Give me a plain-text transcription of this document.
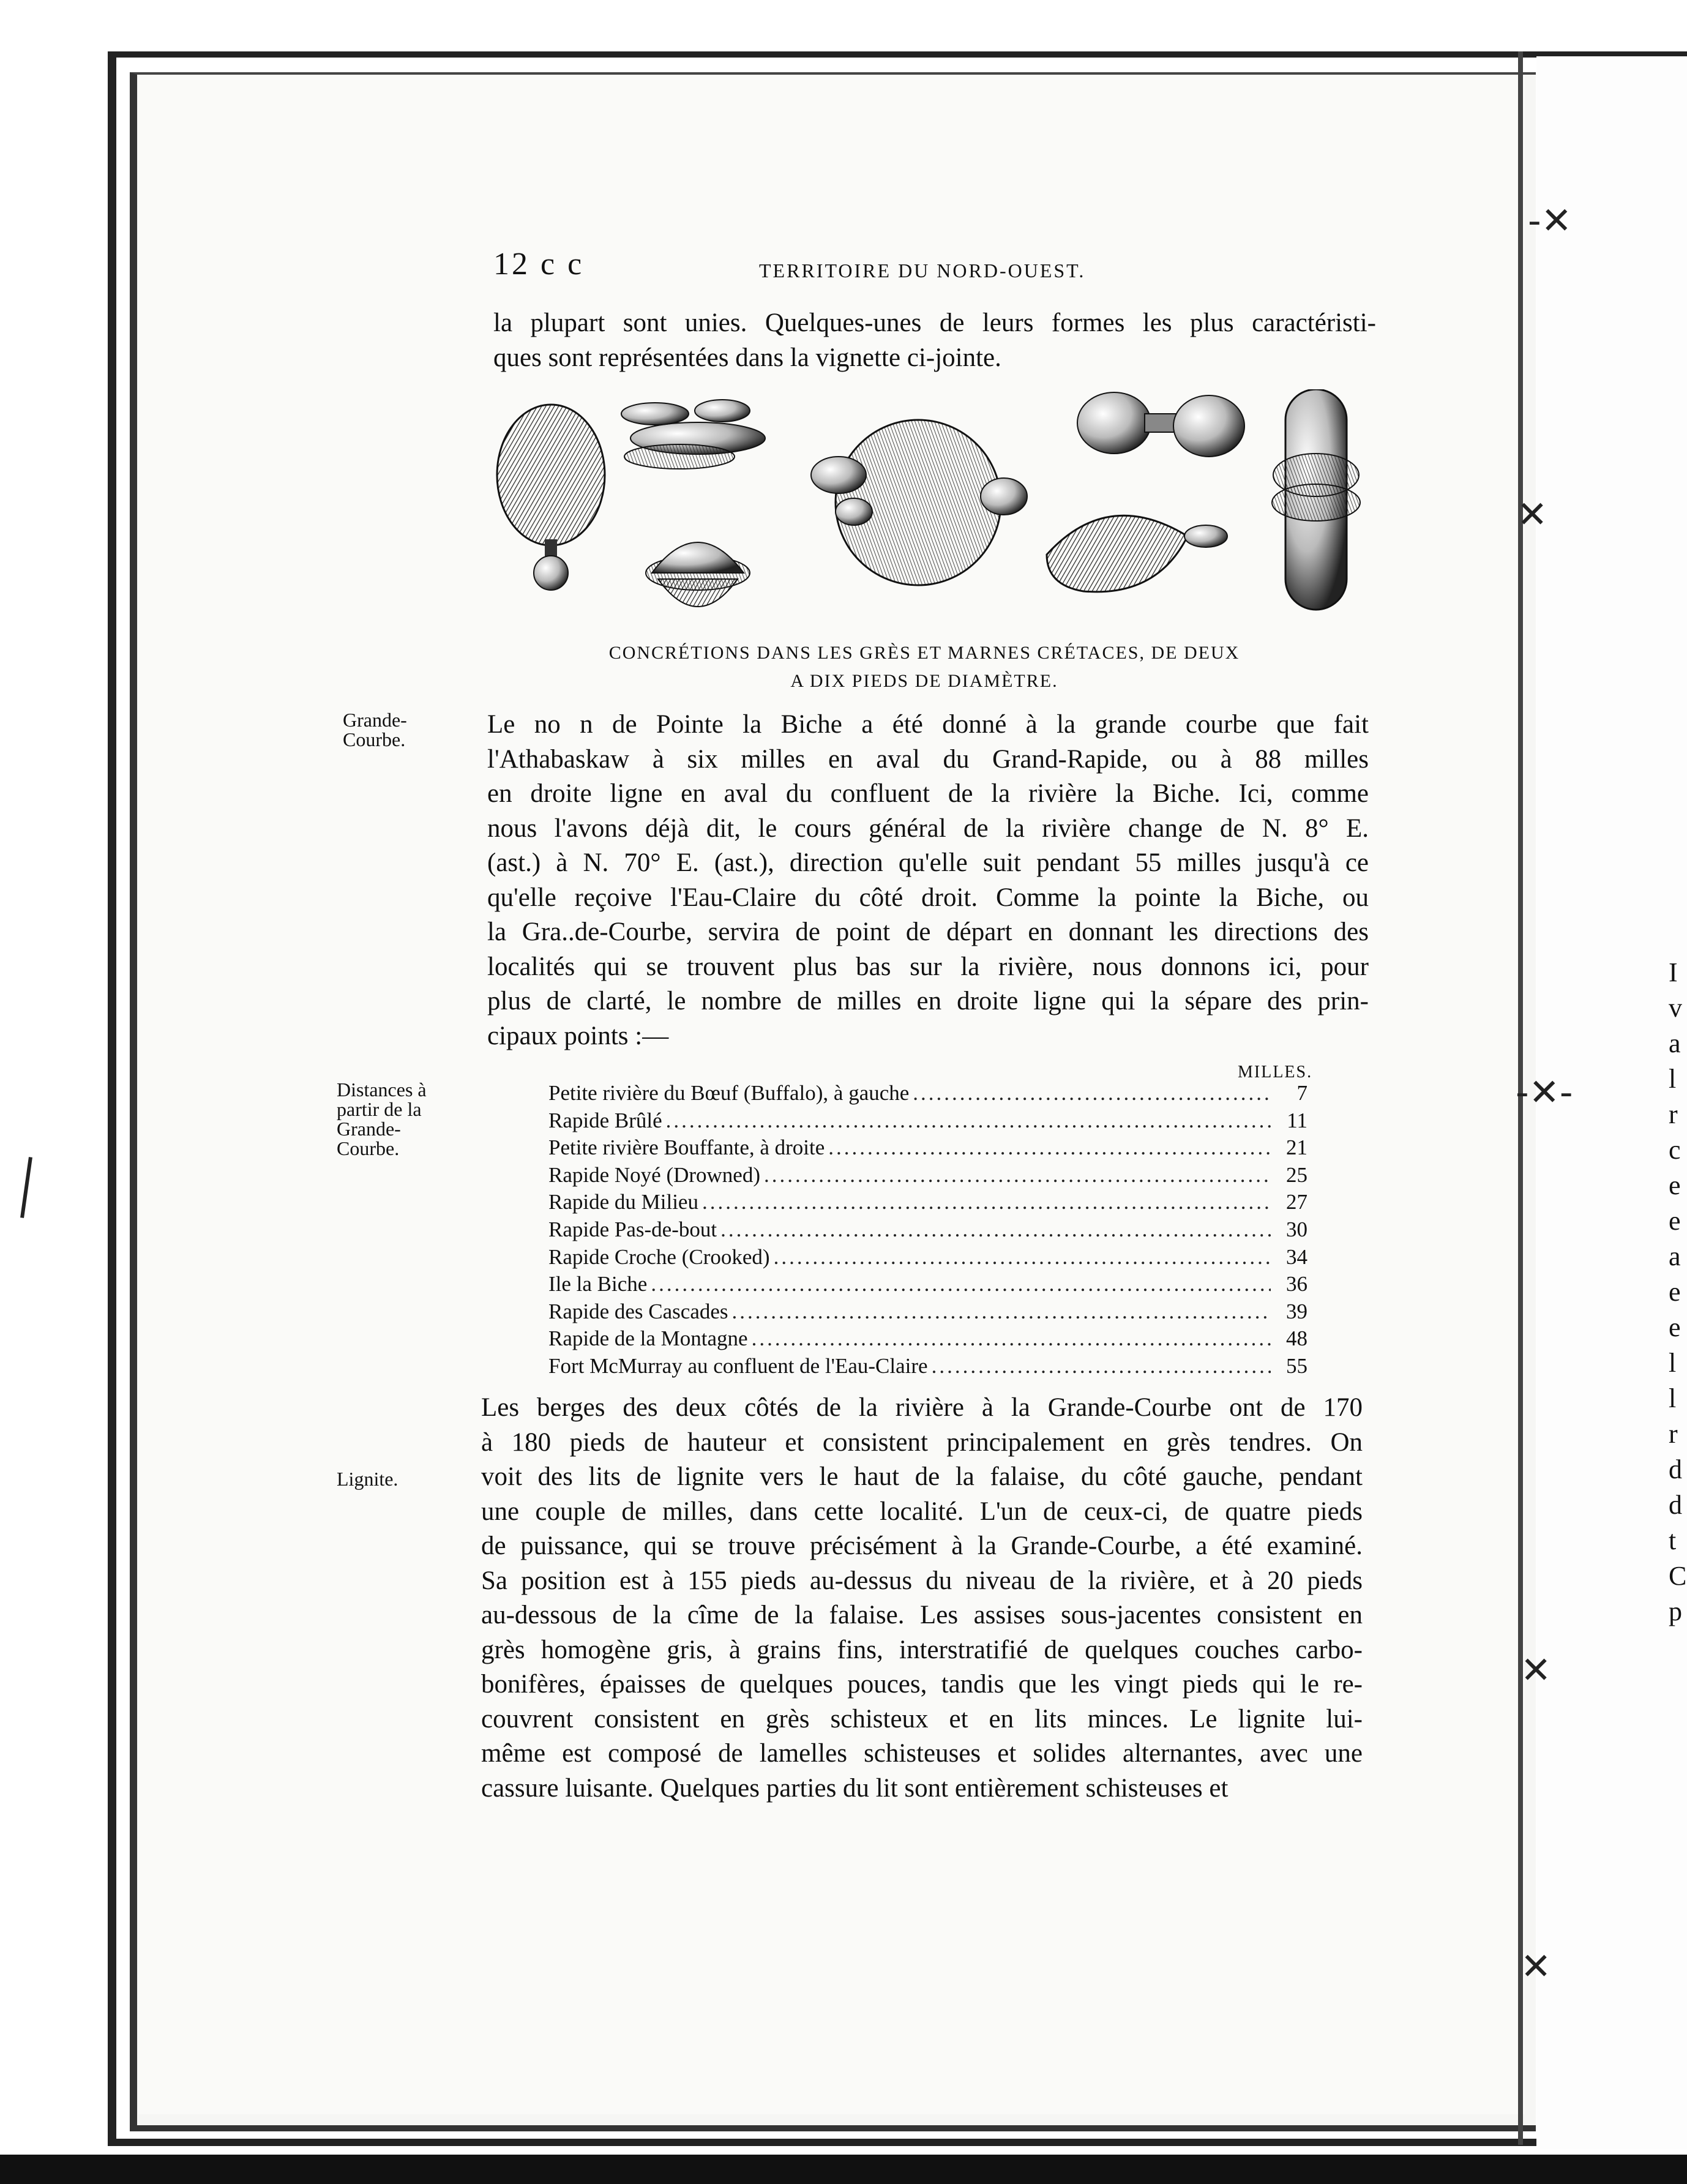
-✕
✕
-✕-
✕
✕
I
v
a
l
r
c
e
e
a
e
e
l
l
r
d
d
t
C
p
12 c c	TERRITOIRE DU NORD-OUEST.
la plupart sont unies. Quelques-unes de leurs formes les plus caractéristi-
ques sont représentées dans la vignette ci-jointe.
CONCRÉTIONS DANS LES GRÈS ET MARNES CRÉTACES, DE DEUX
A DIX PIEDS DE DIAMÈTRE.
Grande-
Courbe.
Distances à
partir de la
Grande-
Courbe.
Lignite.
Le no n de Pointe la Biche a été donné à la grande courbe que fait
l'Athabaskaw à six milles en aval du Grand-Rapide, ou à 88 milles
en droite ligne en aval du confluent de la rivière la Biche. Ici, comme
nous l'avons déjà dit, le cours général de la rivière change de N. 8° E.
(ast.) à N. 70° E. (ast.), direction qu'elle suit pendant 55 milles jusqu'à ce
qu'elle reçoive l'Eau-Claire du côté droit. Comme la pointe la Biche, ou
la Gra..de-Courbe, servira de point de départ en donnant les directions des
localités qui se trouvent plus bas sur la rivière, nous donnons ici, pour
plus de clarté, le nombre de milles en droite ligne qui la sépare des prin-
cipaux points :—
MILLES.
Petite rivière du Bœuf (Buffalo), à gauche .....	7
Rapide Brûlé .....	11
Petite rivière Bouffante, à droite .....	21
Rapide Noyé (Drowned) .....	25
Rapide du Milieu .....	27
Rapide Pas-de-bout .....	30
Rapide Croche (Crooked) .....	34
Ile la Biche .....	36
Rapide des Cascades .....	39
Rapide de la Montagne .....	48
Fort McMurray au confluent de l'Eau-Claire .....	55
Les berges des deux côtés de la rivière à la Grande-Courbe ont de 170
à 180 pieds de hauteur et consistent principalement en grès tendres. On
voit des lits de lignite vers le haut de la falaise, du côté gauche, pendant
une couple de milles, dans cette localité. L'un de ceux-ci, de quatre pieds
de puissance, qui se trouve précisément à la Grande-Courbe, a été examiné.
Sa position est à 155 pieds au-dessus du niveau de la rivière, et à 20 pieds
au-dessous de la cîme de la falaise. Les assises sous-jacentes consistent en
grès homogène gris, à grains fins, interstratifié de quelques couches carbo-
bonifères, épaisses de quelques pouces, tandis que les vingt pieds qui le re-
couvrent consistent en grès schisteux et en lits minces. Le lignite lui-
même est composé de lamelles schisteuses et solides alternantes, avec une
cassure luisante. Quelques parties du lit sont entièrement schisteuses et
